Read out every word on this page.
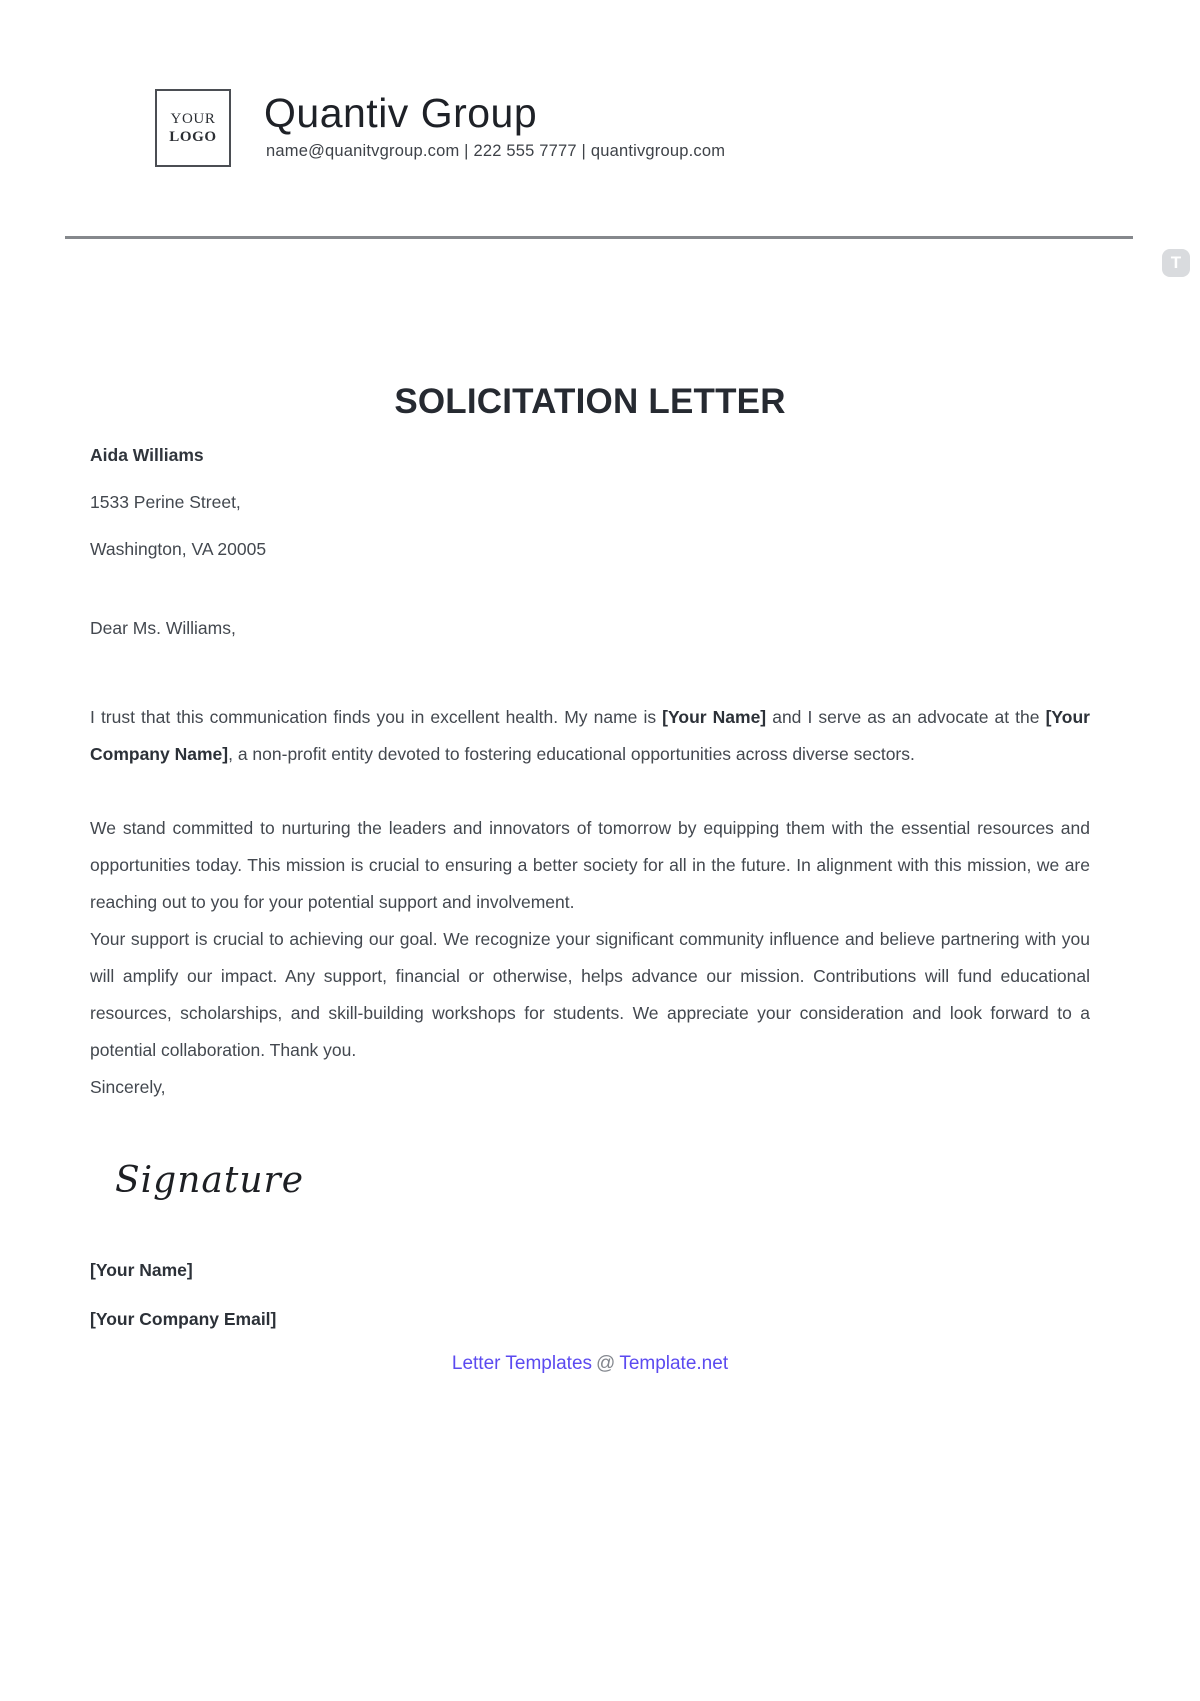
YOUR
LOGO
Quantiv Group
name@quanitvgroup.com | 222 555 7777 | quantivgroup.com
T
SOLICITATION LETTER

Aida Williams

1533 Perine Street,

Washington, VA 20005

Dear Ms. Williams,

I trust that this communication finds you in excellent health. My name is [Your Name] and I serve as an advocate at the [Your Company Name], a non-profit entity devoted to fostering educational opportunities across diverse sectors.

We stand committed to nurturing the leaders and innovators of tomorrow by equipping them with the essential resources and opportunities today. This mission is crucial to ensuring a better society for all in the future. In alignment with this mission, we are reaching out to you for your potential support and involvement.

Your support is crucial to achieving our goal. We recognize your significant community influence and believe partnering with you will amplify our impact. Any support, financial or otherwise, helps advance our mission. Contributions will fund educational resources, scholarships, and skill-building workshops for students. We appreciate your consideration and look forward to a potential collaboration. Thank you.

Sincerely,

Signature

[Your Name]

[Your Company Email]

Letter Templates @ Template.net
